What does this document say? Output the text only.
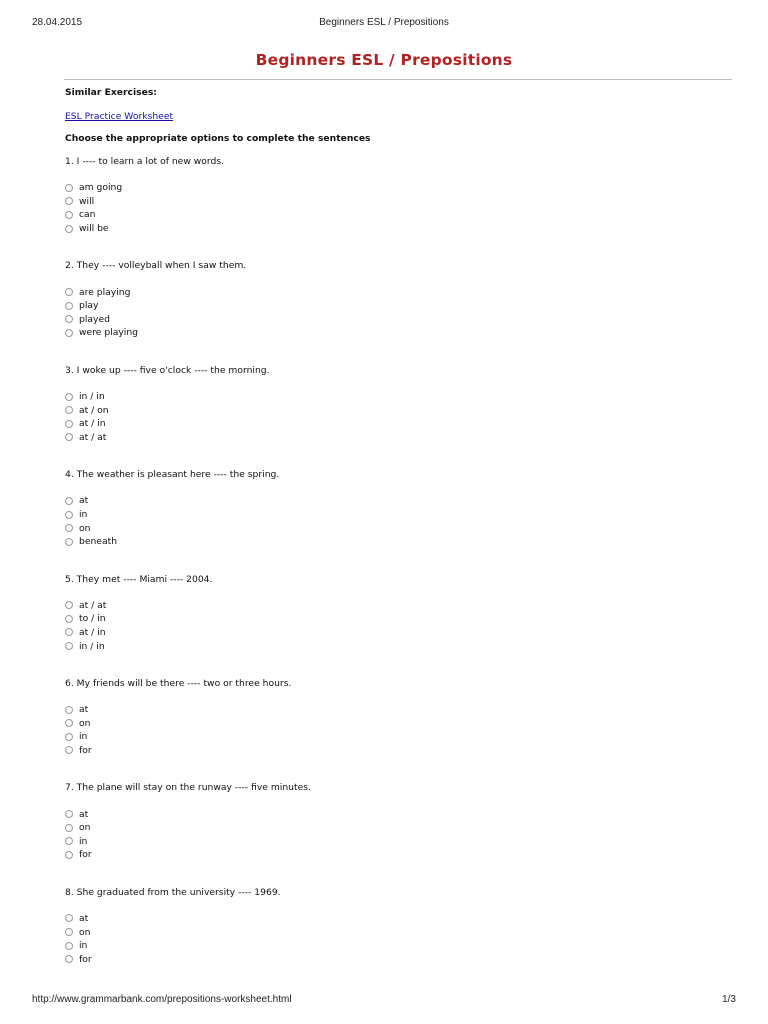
28.04.2015	Beginners ESL / Prepositions
Beginners ESL / Prepositions
Similar Exercises:
ESL Practice Worksheet
Choose the appropriate options to complete the sentences
1. I ---- to learn a lot of new words.
am going
will
can
will be
2. They ---- volleyball when I saw them.
are playing
play
played
were playing
3. I woke up ---- five o'clock ---- the morning.
in / in
at / on
at / in
at / at
4. The weather is pleasant here ---- the spring.
at
in
on
beneath
5. They met ---- Miami ---- 2004.
at / at
to / in
at / in
in / in
6. My friends will be there ---- two or three hours.
at
on
in
for
7. The plane will stay on the runway ---- five minutes.
at
on
in
for
8. She graduated from the university ---- 1969.
at
on
in
for
http://www.grammarbank.com/prepositions-worksheet.html	1/3
